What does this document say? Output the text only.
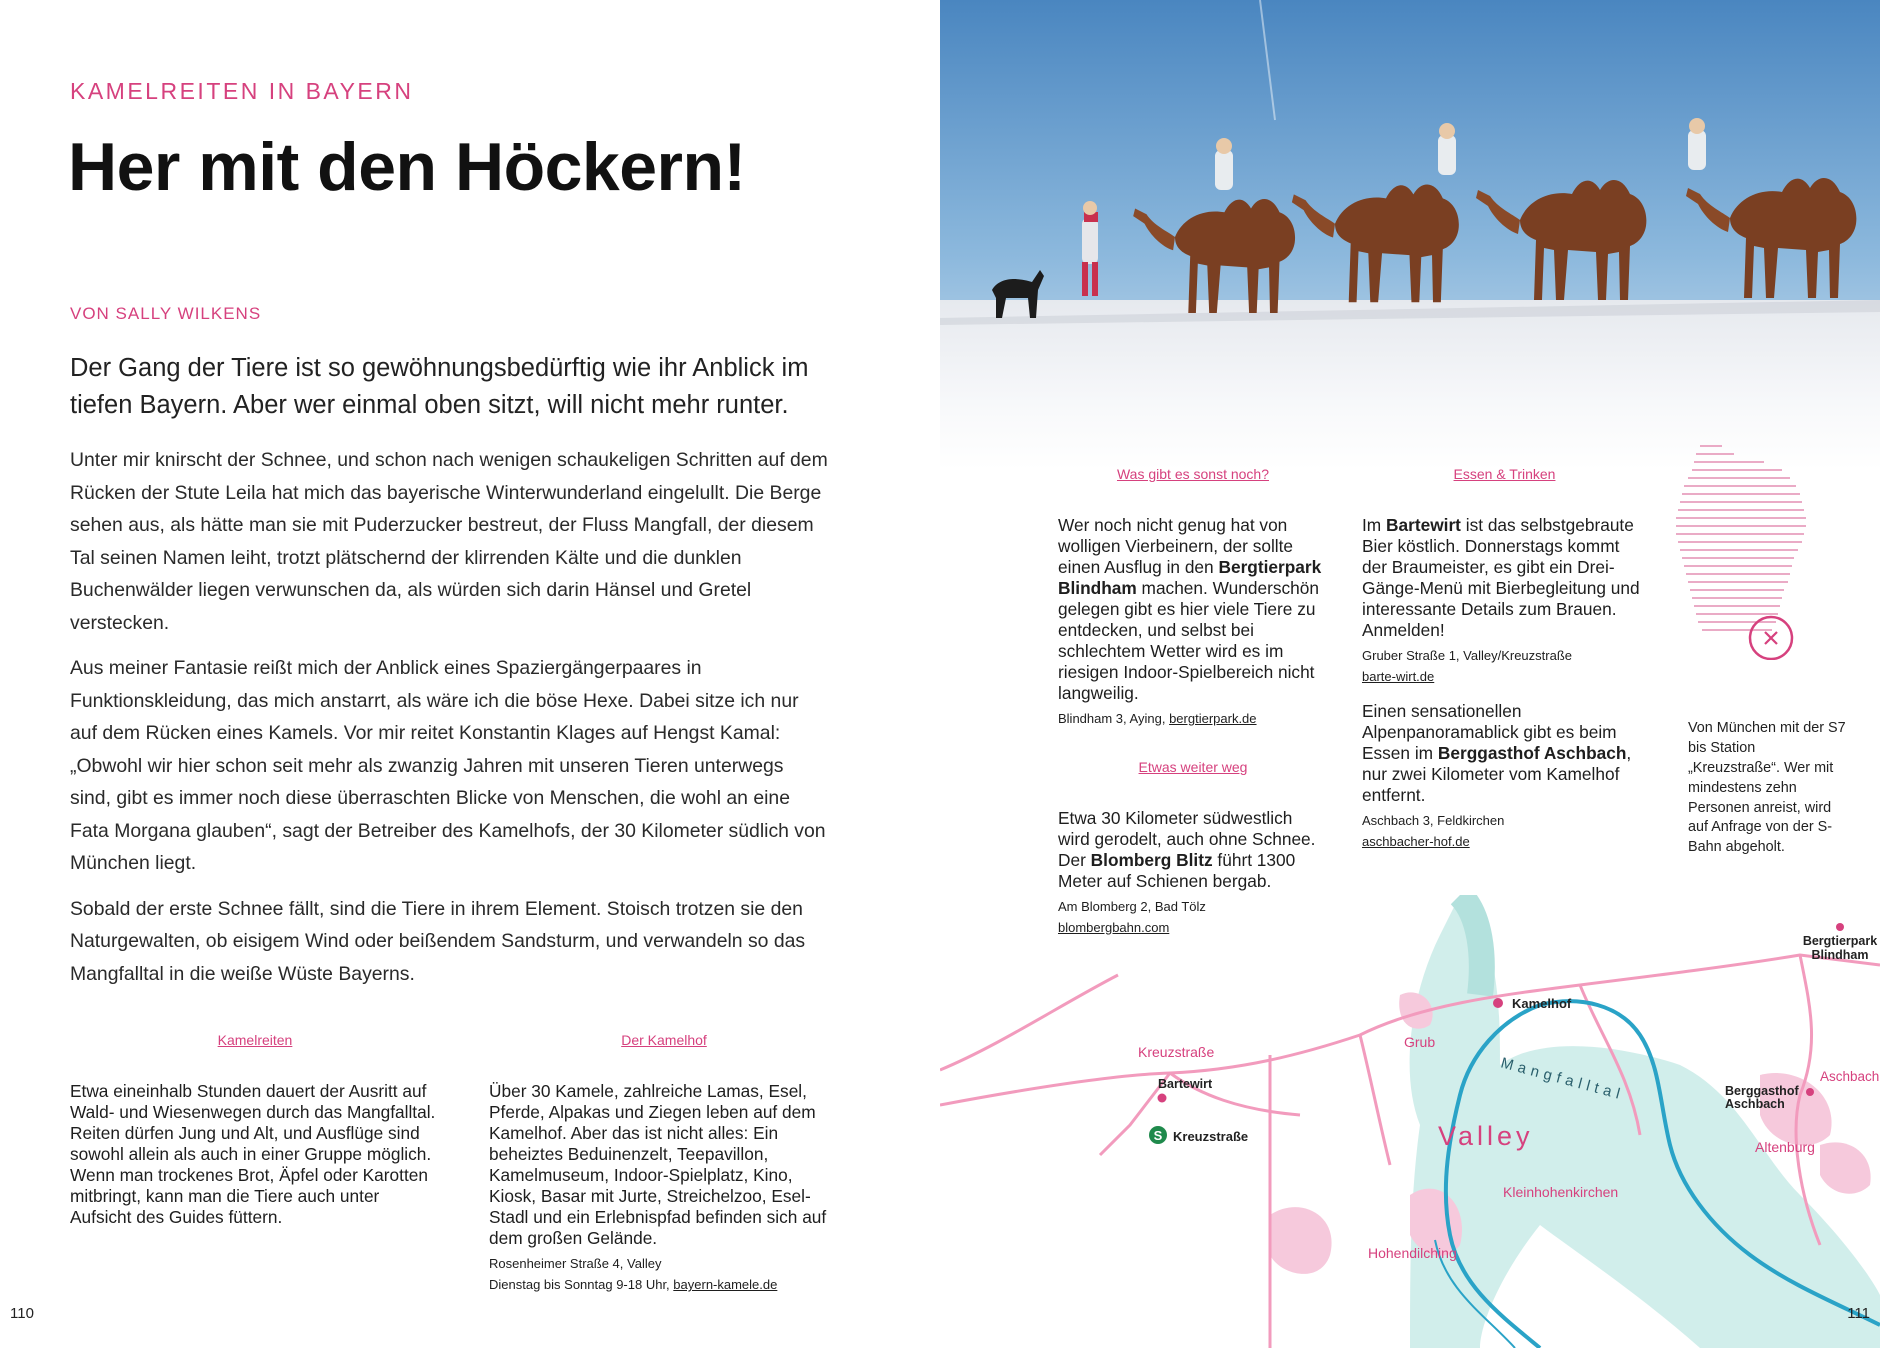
KAMELREITEN IN BAYERN
Her mit den Höckern!
VON SALLY WILKENS

Der Gang der Tiere ist so gewöhnungsbedürftig wie ihr Anblick im tiefen Bayern. Aber wer einmal oben sitzt, will nicht mehr runter.

Unter mir knirscht der Schnee, und schon nach wenigen schaukeligen Schritten auf dem Rücken der Stute Leila hat mich das bayerische Winterwunderland eingelullt. Die Berge sehen aus, als hätte man sie mit Puderzucker bestreut, der Fluss Mangfall, der diesem Tal seinen Namen leiht, trotzt plätschernd der klirrenden Kälte und die dunklen Buchenwälder liegen verwunschen da, als würden sich darin Hänsel und Gretel verstecken.

Aus meiner Fantasie reißt mich der Anblick eines Spaziergängerpaares in Funktionskleidung, das mich anstarrt, als wäre ich die böse Hexe. Dabei sitze ich nur auf dem Rücken eines Kamels. Vor mir reitet Konstantin Klages auf Hengst Kamal: „Obwohl wir hier schon seit mehr als zwanzig Jahren mit unseren Tieren unterwegs sind, gibt es immer noch diese überraschten Blicke von Menschen, die wohl an eine Fata Morgana glauben“, sagt der Betreiber des Kamelhofs, der 30 Kilometer südlich von München liegt.

Sobald der erste Schnee fällt, sind die Tiere in ihrem Element. Stoisch trotzen sie den Naturgewalten, ob eisigem Wind oder beißendem Sandsturm, und verwandeln so das Mangfalltal in die weiße Wüste Bayerns.

Kamelreiten

Etwa eineinhalb Stunden dauert der Ausritt auf Wald- und Wiesenwegen durch das Mangfalltal. Reiten dürfen Jung und Alt, und Ausflüge sind sowohl allein als auch in einer Gruppe möglich. Wenn man trockenes Brot, Äpfel oder Karotten mitbringt, kann man die Tiere auch unter Aufsicht des Guides füttern.

Der Kamelhof

Über 30 Kamele, zahlreiche Lamas, Esel, Pferde, Alpakas und Ziegen leben auf dem Kamelhof. Aber das ist nicht alles: Ein beheiztes Beduinenzelt, Teepavillon, Kamelmuseum, Indoor-Spielplatz, Kino, Kiosk, Basar mit Jurte, Streichelzoo, Esel-Stadl und ein Erlebnispfad befinden sich auf dem großen Gelände.

Rosenheimer Straße 4, Valley

Dienstag bis Sonntag 9-18 Uhr, bayern-kamele.de

110
Was gibt es sonst noch?

Wer noch nicht genug hat von wolligen Vierbeinern, der sollte einen Ausflug in den Bergtierpark Blindham machen. Wunderschön gelegen gibt es hier viele Tiere zu entdecken, und selbst bei schlechtem Wetter wird es im riesigen Indoor-Spielbereich nicht langweilig.

Blindham 3, Aying, bergtierpark.de

Etwas weiter weg

Etwa 30 Kilometer südwestlich wird gerodelt, auch ohne Schnee. Der Blomberg Blitz führt 1300 Meter auf Schienen bergab.

Am Blomberg 2, Bad Tölz

blombergbahn.com

Essen & Trinken

Im Bartewirt ist das selbstgebraute Bier köstlich. Donnerstags kommt der Braumeister, es gibt ein Drei-Gänge-Menü mit Bierbegleitung und interessante Details zum Brauen. Anmelden!

Gruber Straße 1, Valley/Kreuzstraße

barte-wirt.de

Einen sensationellen Alpenpanoramablick gibt es beim Essen im Berggasthof Aschbach, nur zwei Kilometer vom Kamelhof entfernt.

Aschbach 3, Feldkirchen

aschbacher-hof.de

Von München mit der S7 bis Station „Kreuzstraße“. Wer mit mindestens zehn Personen anreist, wird auf Anfrage von der S-Bahn abgeholt.

S
Kamelhof
Bergtierpark
Blindham
Kreuzstraße
Bartewirt
Kreuzstraße
Grub
Mangfalltal
Valley
Aschbach
Berggasthof
Aschbach
Altenburg
Kleinhohenkirchen
Hohendilching
111
